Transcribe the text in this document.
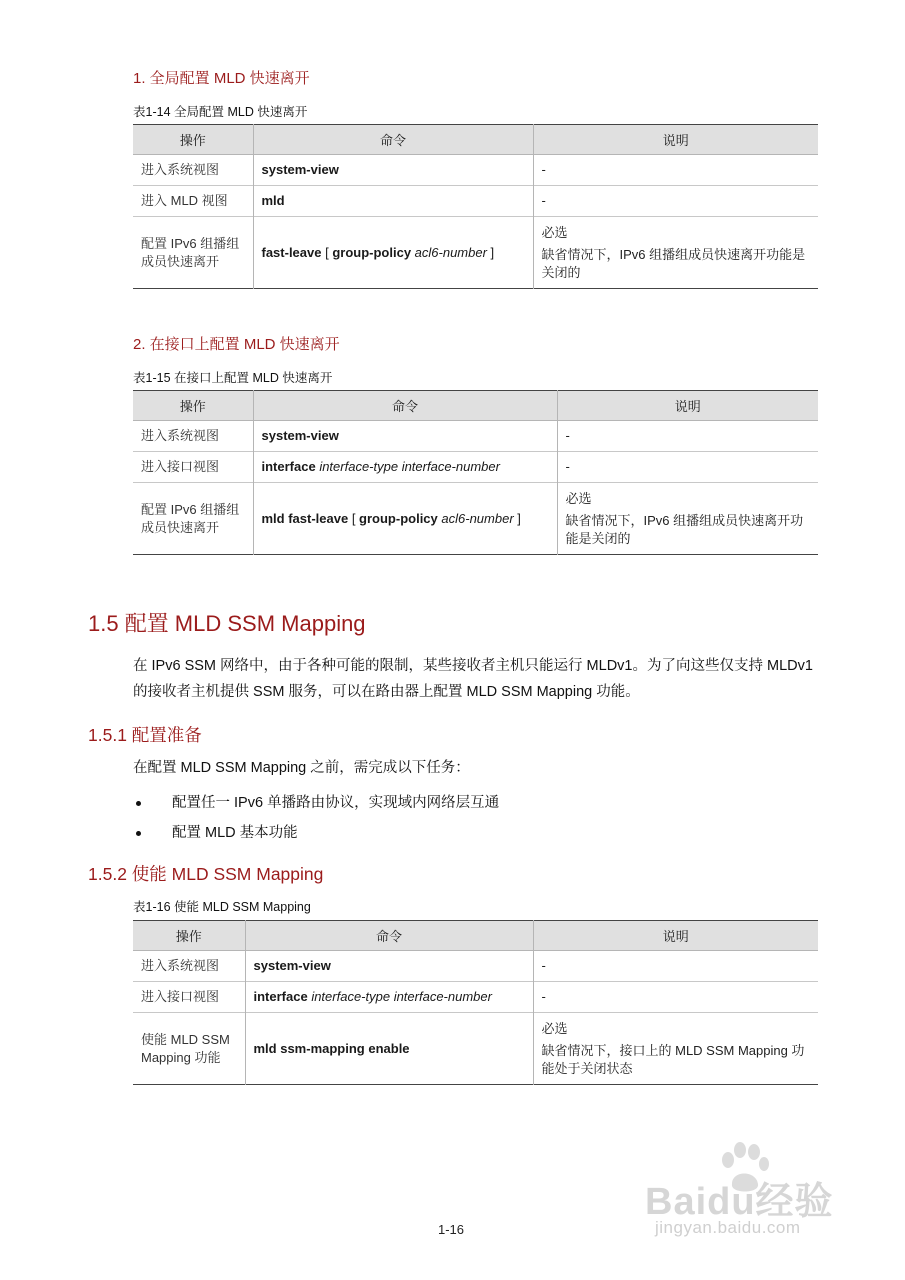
1. 全局配置 MLD 快速离开
表1-14 全局配置 MLD 快速离开
操作	命令	说明
进入系统视图	system-view	-
进入 MLD 视图	mld	-
配置 IPv6 组播组成员快速离开	fast-leave [ group-policy acl6-number ]	必选
缺省情况下，IPv6 组播组成员快速离开功能是关闭的
2. 在接口上配置 MLD 快速离开
表1-15 在接口上配置 MLD 快速离开
操作	命令	说明
进入系统视图	system-view	-
进入接口视图	interface interface-type interface-number	-
配置 IPv6 组播组成员快速离开	mld fast-leave [ group-policy acl6-number ]	必选
缺省情况下，IPv6 组播组成员快速离开功能是关闭的
1.5 配置 MLD SSM Mapping
在 IPv6 SSM 网络中，由于各种可能的限制，某些接收者主机只能运行 MLDv1。为了向这些仅支持 MLDv1 的接收者主机提供 SSM 服务，可以在路由器上配置 MLD SSM Mapping 功能。
1.5.1 配置准备
在配置 MLD SSM Mapping 之前，需完成以下任务：
配置任一 IPv6 单播路由协议，实现域内网络层互通
配置 MLD 基本功能
1.5.2 使能 MLD SSM Mapping
表1-16 使能 MLD SSM Mapping
操作	命令	说明
进入系统视图	system-view	-
进入接口视图	interface interface-type interface-number	-
使能 MLD SSM Mapping 功能	mld ssm-mapping enable	必选
缺省情况下，接口上的 MLD SSM Mapping 功能处于关闭状态
Baidu经验
jingyan.baidu.com
1-16
